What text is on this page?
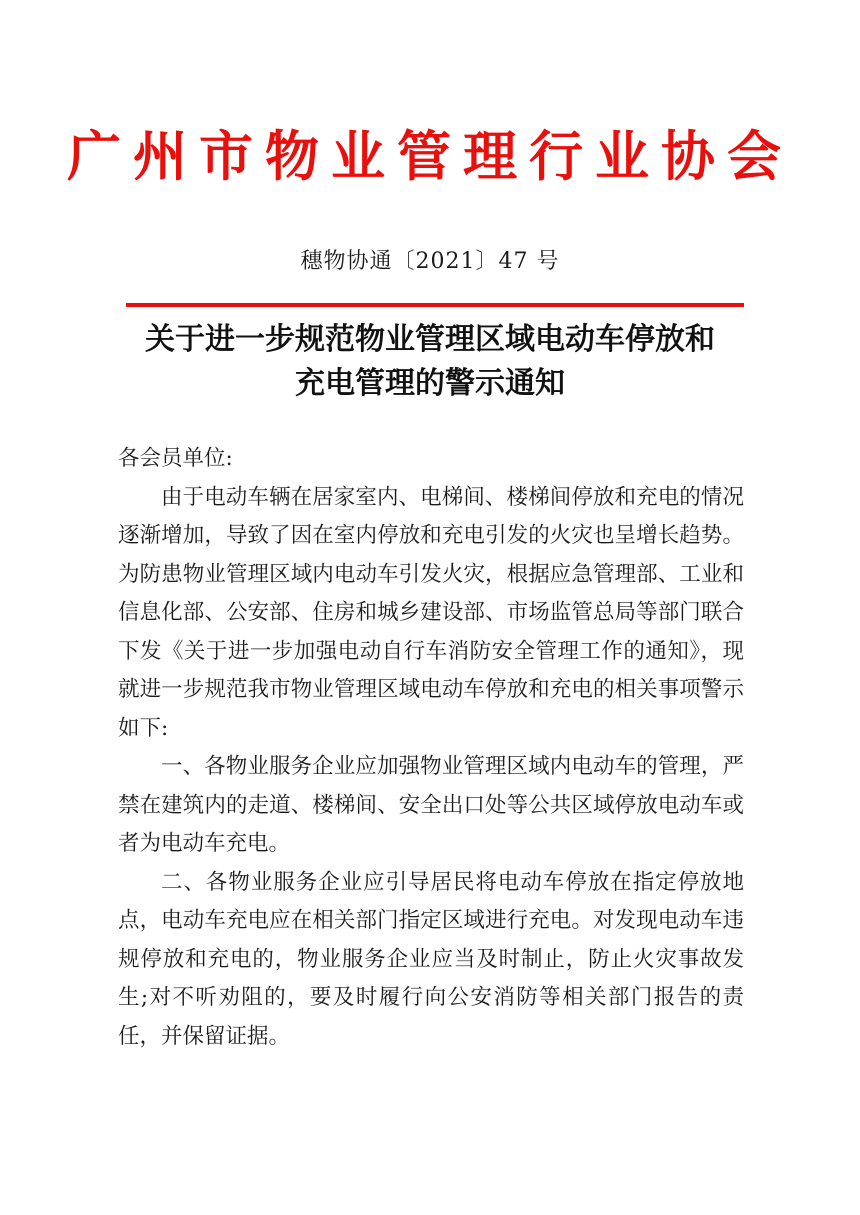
广州市物业管理行业协会
穗物协通〔2021〕47 号
关于进一步规范物业管理区域电动车停放和
充电管理的警示通知

各会员单位:

由于电动车辆在居家室内、电梯间、楼梯间停放和充电的情况逐渐增加，导致了因在室内停放和充电引发的火灾也呈增长趋势。为防患物业管理区域内电动车引发火灾，根据应急管理部、工业和信息化部、公安部、住房和城乡建设部、市场监管总局等部门联合下发《关于进一步加强电动自行车消防安全管理工作的通知》，现就进一步规范我市物业管理区域电动车停放和充电的相关事项警示如下:

一、各物业服务企业应加强物业管理区域内电动车的管理，严禁在建筑内的走道、楼梯间、安全出口处等公共区域停放电动车或者为电动车充电。

二、各物业服务企业应引导居民将电动车停放在指定停放地点，电动车充电应在相关部门指定区域进行充电。对发现电动车违规停放和充电的，物业服务企业应当及时制止，防止火灾事故发生;对不听劝阻的，要及时履行向公安消防等相关部门报告的责任，并保留证据。
